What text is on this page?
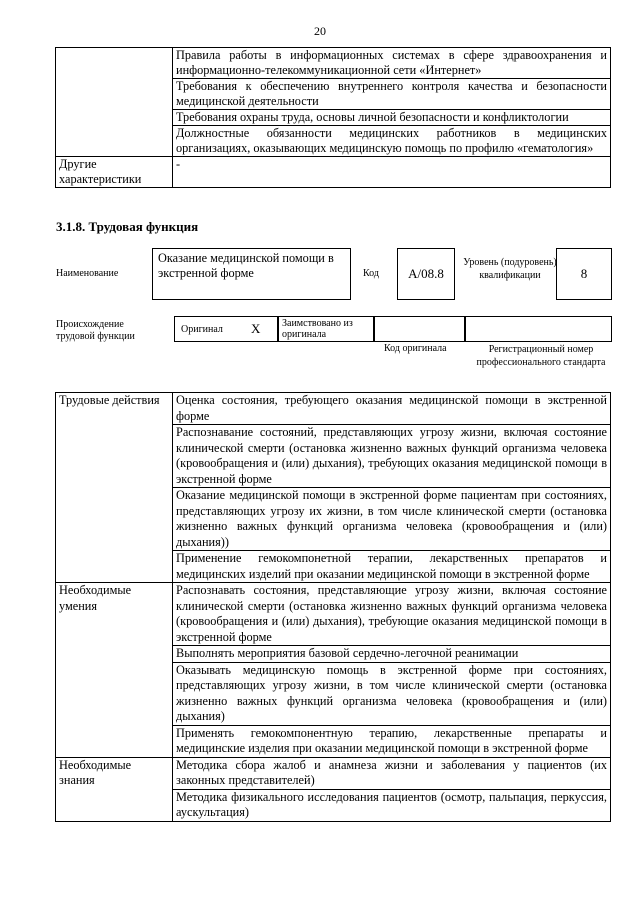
20
	Правила работы в информационных системах в сфере здравоохранения и информационно-телекоммуникационной сети «Интернет»
	Требования к обеспечению внутреннего контроля качества и безопасности медицинской деятельности
	Требования охраны труда, основы личной безопасности и конфликтологии
	Должностные обязанности медицинских работников в медицинских организациях, оказывающих медицинскую помощь по профилю «гематология»
Другие характеристики	-
3.1.8. Трудовая функция
Наименование
Оказание медицинской помощи в экстренной форме	Код	A/08.8
Уровень (подуровень) квалификации	8
Происхождение
трудовой функции
Оригинал X	Заимствовано из оригинала
Код оригинала	Регистрационный номер профессионального стандарта
Трудовые действия	Оценка состояния, требующего оказания медицинской помощи в экстренной форме
	Распознавание состояний, представляющих угрозу жизни, включая состояние клинической смерти (остановка жизненно важных функций организма человека (кровообращения и (или) дыхания), требующих оказания медицинской помощи в экстренной форме
	Оказание медицинской помощи в экстренной форме пациентам при состояниях, представляющих угрозу их жизни, в том числе клинической смерти (остановка жизненно важных функций организма человека (кровообращения и (или) дыхания))
	Применение гемокомпонетной терапии, лекарственных препаратов и медицинских изделий при оказании медицинской помощи в экстренной форме
Необходимые умения	Распознавать состояния, представляющие угрозу жизни, включая состояние клинической смерти (остановка жизненно важных функций организма человека (кровообращения и (или) дыхания), требующие оказания медицинской помощи в экстренной форме
	Выполнять мероприятия базовой сердечно-легочной реанимации
	Оказывать медицинскую помощь в экстренной форме при состояниях, представляющих угрозу жизни, в том числе клинической смерти (остановка жизненно важных функций организма человека (кровообращения и (или) дыхания)
	Применять гемокомпонентную терапию, лекарственные препараты и медицинские изделия при оказании медицинской помощи в экстренной форме
Необходимые знания	Методика сбора жалоб и анамнеза жизни и заболевания у пациентов (их законных представителей)
	Методика физикального исследования пациентов (осмотр, пальпация, перкуссия, аускультация)
